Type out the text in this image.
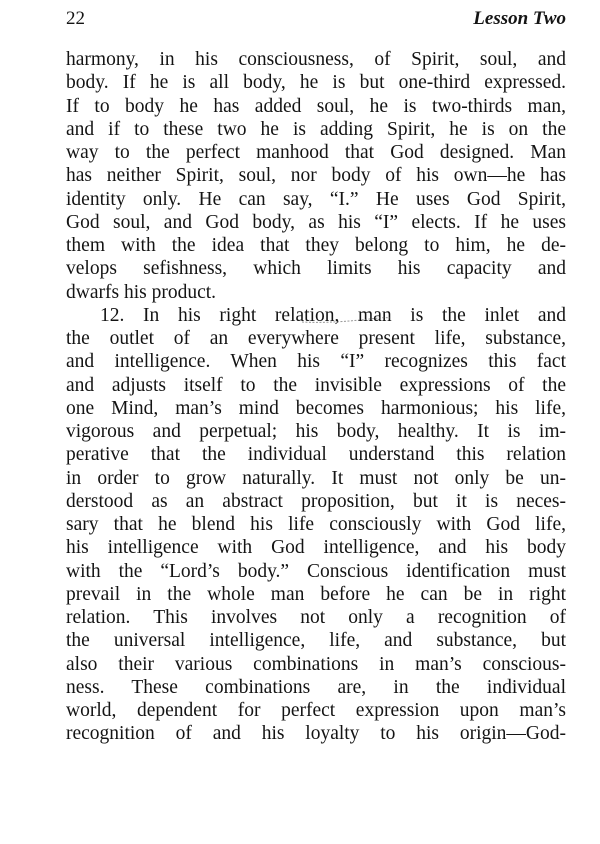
22	Lesson Two
harmony, in his consciousness, of Spirit, soul, and
body. If he is all body, he is but one-third expressed.
If to body he has added soul, he is two-thirds man,
and if to these two he is adding Spirit, he is on the
way to the perfect manhood that God designed. Man
has neither Spirit, soul, nor body of his own—he has
identity only. He can say, “I.” He uses God Spirit,
God soul, and God body, as his “I” elects. If he uses
them with the idea that they belong to him, he de-
velops sefishness, which limits his capacity and
dwarfs his product.
12. In his right relation, man is the inlet and
the outlet of an everywhere present life, substance,
and intelligence. When his “I” recognizes this fact
and adjusts itself to the invisible expressions of the
one Mind, man’s mind becomes harmonious; his life,
vigorous and perpetual; his body, healthy. It is im-
perative that the individual understand this relation
in order to grow naturally. It must not only be un-
derstood as an abstract proposition, but it is neces-
sary that he blend his life consciously with God life,
his intelligence with God intelligence, and his body
with the “Lord’s body.” Conscious identification must
prevail in the whole man before he can be in right
relation. This involves not only a recognition of
the universal intelligence, life, and substance, but
also their various combinations in man’s conscious-
ness. These combinations are, in the individual
world, dependent for perfect expression upon man’s
recognition of and his loyalty to his origin—God-
